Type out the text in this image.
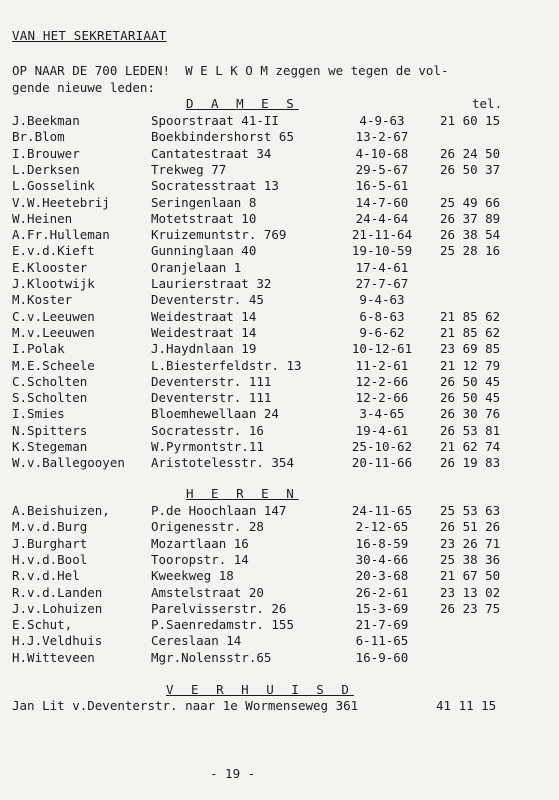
VAN HET SEKRETARIAAT
OP NAAR DE 700 LEDEN!  W E L K O M zeggen we tegen de vol-
gende nieuwe leden:
D A M E S	tel.
J.Beekman	Spoorstraat 41-II	4-9-63	21 60 15
Br.Blom	Boekbindershorst 65	13-2-67
I.Brouwer	Cantatestraat 34	4-10-68	26 24 50
L.Derksen	Trekweg 77	29-5-67	26 50 37
L.Gosselink	Socratesstraat 13	16-5-61
V.W.Heetebrij	Seringenlaan 8	14-7-60	25 49 66
W.Heinen	Motetstraat 10	24-4-64	26 37 89
A.Fr.Hulleman	Kruizemuntstr. 769	21-11-64	26 38 54
E.v.d.Kieft	Gunninglaan 40	19-10-59	25 28 16
E.Klooster	Oranjelaan 1	17-4-61
J.Klootwijk	Laurierstraat 32	27-7-67
M.Koster	Deventerstr. 45	9-4-63
C.v.Leeuwen	Weidestraat 14	6-8-63	21 85 62
M.v.Leeuwen	Weidestraat 14	9-6-62	21 85 62
I.Polak	J.Haydnlaan 19	10-12-61	23 69 85
M.E.Scheele	L.Biesterfeldstr. 13	11-2-61	21 12 79
C.Scholten	Deventerstr. 111	12-2-66	26 50 45
S.Scholten	Deventerstr. 111	12-2-66	26 50 45
I.Smies	Bloemhewellaan 24	3-4-65	26 30 76
N.Spitters	Socratesstr. 16	19-4-61	26 53 81
K.Stegeman	W.Pyrmontstr.11	25-10-62	21 62 74
W.v.Ballegooyen Aristotelesstr. 354	20-11-66	26 19 83
H E R E N
A.Beishuizen,	P.de Hoochlaan 147	24-11-65	25 53 63
M.v.d.Burg	Origenesstr. 28	2-12-65	26 51 26
J.Burghart	Mozartlaan 16	16-8-59	23 26 71
H.v.d.Bool	Tooropstr. 14	30-4-66	25 38 36
R.v.d.Hel	Kweekweg 18	20-3-68	21 67 50
R.v.d.Landen	Amstelstraat 20	26-2-61	23 13 02
J.v.Lohuizen	Parelvisserstr. 26	15-3-69	26 23 75
E.Schut,	P.Saenredamstr. 155	21-7-69
H.J.Veldhuis	Cereslaan 14	6-11-65
H.Witteveen	Mgr.Nolensstr.65	16-9-60
V E R H U I S D
Jan Lit v.Deventerstr. naar 1e Wormenseweg 361	41 11 15
- 19 -
